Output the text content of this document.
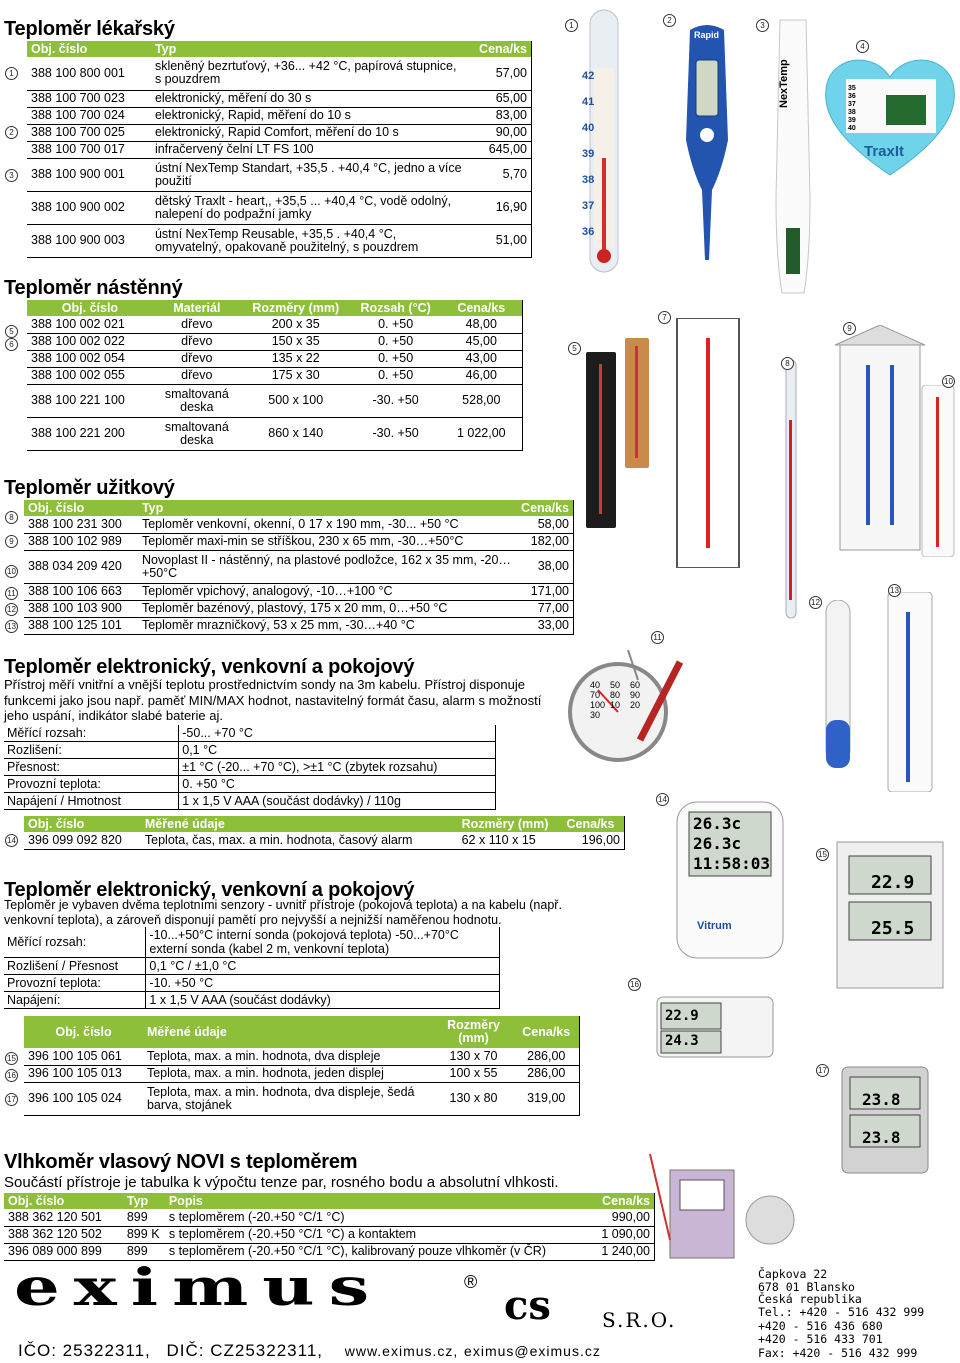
Teploměr lékařský
Obj. číslo	Typ	Cena/ks
388 100 800 001	skleněný bezrtuťový, +36... +42 °C, papírová stupnice, s pouzdrem	57,00
388 100 700 023	elektronický, měření do 30 s	65,00
388 100 700 024	elektronický, Rapid, měření do 10 s	83,00
388 100 700 025	elektronický, Rapid Comfort, měření do 10 s	90,00
388 100 700 017	infračervený čelní LT FS 100	645,00
388 100 900 001	ústní NexTemp Standart, +35,5 . +40,4 °C, jedno a více použití	5,70
388 100 900 002	dětský Traxlt - heart,, +35,5 ... +40,4 °C, vodě odolný, nalepení do podpažní jamky	16,90
388 100 900 003	ústní NexTemp Reusable, +35,5 . +40,4 °C, omyvatelný, opakovaně použitelný, s pouzdrem	51,00
Teploměr nástěnný
Obj. číslo	Materiál	Rozměry (mm)	Rozsah (°C)	Cena/ks
388 100 002 021	dřevo	200 x 35	0. +50	48,00
388 100 002 022	dřevo	150 x 35	0. +50	45,00
388 100 002 054	dřevo	135 x 22	0. +50	43,00
388 100 002 055	dřevo	175 x 30	0. +50	46,00
388 100 221 100	smaltovaná deska	500 x 100	-30. +50	528,00
388 100 221 200	smaltovaná deska	860 x 140	-30. +50	1 022,00
Teploměr užitkový
Obj. číslo	Typ	Cena/ks
388 100 231 300	Teploměr venkovní, okenní, 0 17 x 190 mm, -30... +50 °C	58,00
388 100 102 989	Teploměr maxi-min se stříškou, 230 x 65 mm, -30…+50°C	182,00
388 034 209 420	Novoplast II - nástěnný, na plastové podložce, 162 x 35 mm, -20…+50°C	38,00
388 100 106 663	Teploměr vpichový, analogový, -10…+100 °C	171,00
388 100 103 900	Teploměr bazénový, plastový, 175 x 20 mm, 0…+50 °C	77,00
388 100 125 101	Teploměr mrazničkový, 53 x 25 mm, -30…+40 °C	33,00
Teploměr elektronický, venkovní a pokojový
Přístroj měří vnitřní a vnější teplotu prostřednictvím sondy na 3m kabelu. Přístroj disponuje funkcemi jako jsou např. paměť MIN/MAX hodnot, nastavitelný formát času, alarm s možností jeho uspání, indikátor slabé baterie aj.
Měřící rozsah:	-50... +70 °C
Rozlišení:	0,1 °C
Přesnost:	±1 °C (-20... +70 °C), >±1 °C (zbytek rozsahu)
Provozní teplota:	0. +50 °C
Napájení / Hmotnost	1 x 1,5 V AAA (součást dodávky) / 110g
Obj. číslo	Měřené údaje	Rozměry (mm)	Cena/ks
396 099 092 820	Teplota, čas, max. a min. hodnota, časový alarm	62 x 110 x 15	196,00
Teploměr elektronický, venkovní a pokojový
Teploměr je vybaven dvěma teplotními senzory - uvnitř přístroje (pokojová teplota) a na kabelu (např. venkovní teplota), a zároveň disponují pamětí pro nejvyšší a nejnižší naměřenou hodnotu.
Měřící rozsah:	-10...+50°C interní sonda (pokojová teplota) -50...+70°C externí sonda (kabel 2 m, venkovní teplota)
Rozlišení / Přesnost	0,1 °C / ±1,0 °C
Provozní teplota:	-10. +50 °C
Napájení:	1 x 1,5 V AAA (součást dodávky)
Obj. číslo	Měřené údaje	Rozměry (mm)	Cena/ks
396 100 105 061	Teplota, max. a min. hodnota, dva displeje	130 x 70	286,00
396 100 105 013	Teplota, max. a min. hodnota, jeden displej	100 x 55	286,00
396 100 105 024	Teplota, max. a min. hodnota, dva displeje, šedá barva, stojánek	130 x 80	319,00
Vlhkoměr vlasový NOVI s teploměrem
Součástí přístroje je tabulka k výpočtu tenze par, rosného bodu a absolutní vlhkosti.
Obj. číslo	Typ	Popis	Cena/ks
388 362 120 501	899	s teploměrem (-20.+50 °C/1 °C)	990,00
388 362 120 502	899 K	s teploměrem (-20.+50 °C/1 °C) a kontaktem	1 090,00
396 089 000 899	899	s teploměrem (-20.+50 °C/1 °C), kalibrovaný pouze vlhkoměr (v ČR)	1 240,00
42
41
40
39
38
37
36
Rapid
NexTemp
TraxIt
35
36
37
38
39
40
40 50 6070 80 90100 10 2030
26.3c
26.3c
11:58:03
Vitrum
22.9
25.5
22.9
24.3
23.8
23.8
eximus	® cs	S.R.O.
IČO: 25322311, DIČ: CZ25322311, www.eximus.cz, eximus@eximus.cz
Čapkova 22
678 01 Blansko
Česká republika
Tel.: +420 - 516 432 999
+420 - 516 436 680
+420 - 516 433 701
Fax: +420 - 516 432 999
1
2
3
5
6
8
9
10
11
12
13
14
15
16
17
1
2
3
4
5
7
8
9
10
11
12
13
14
15
16
17
